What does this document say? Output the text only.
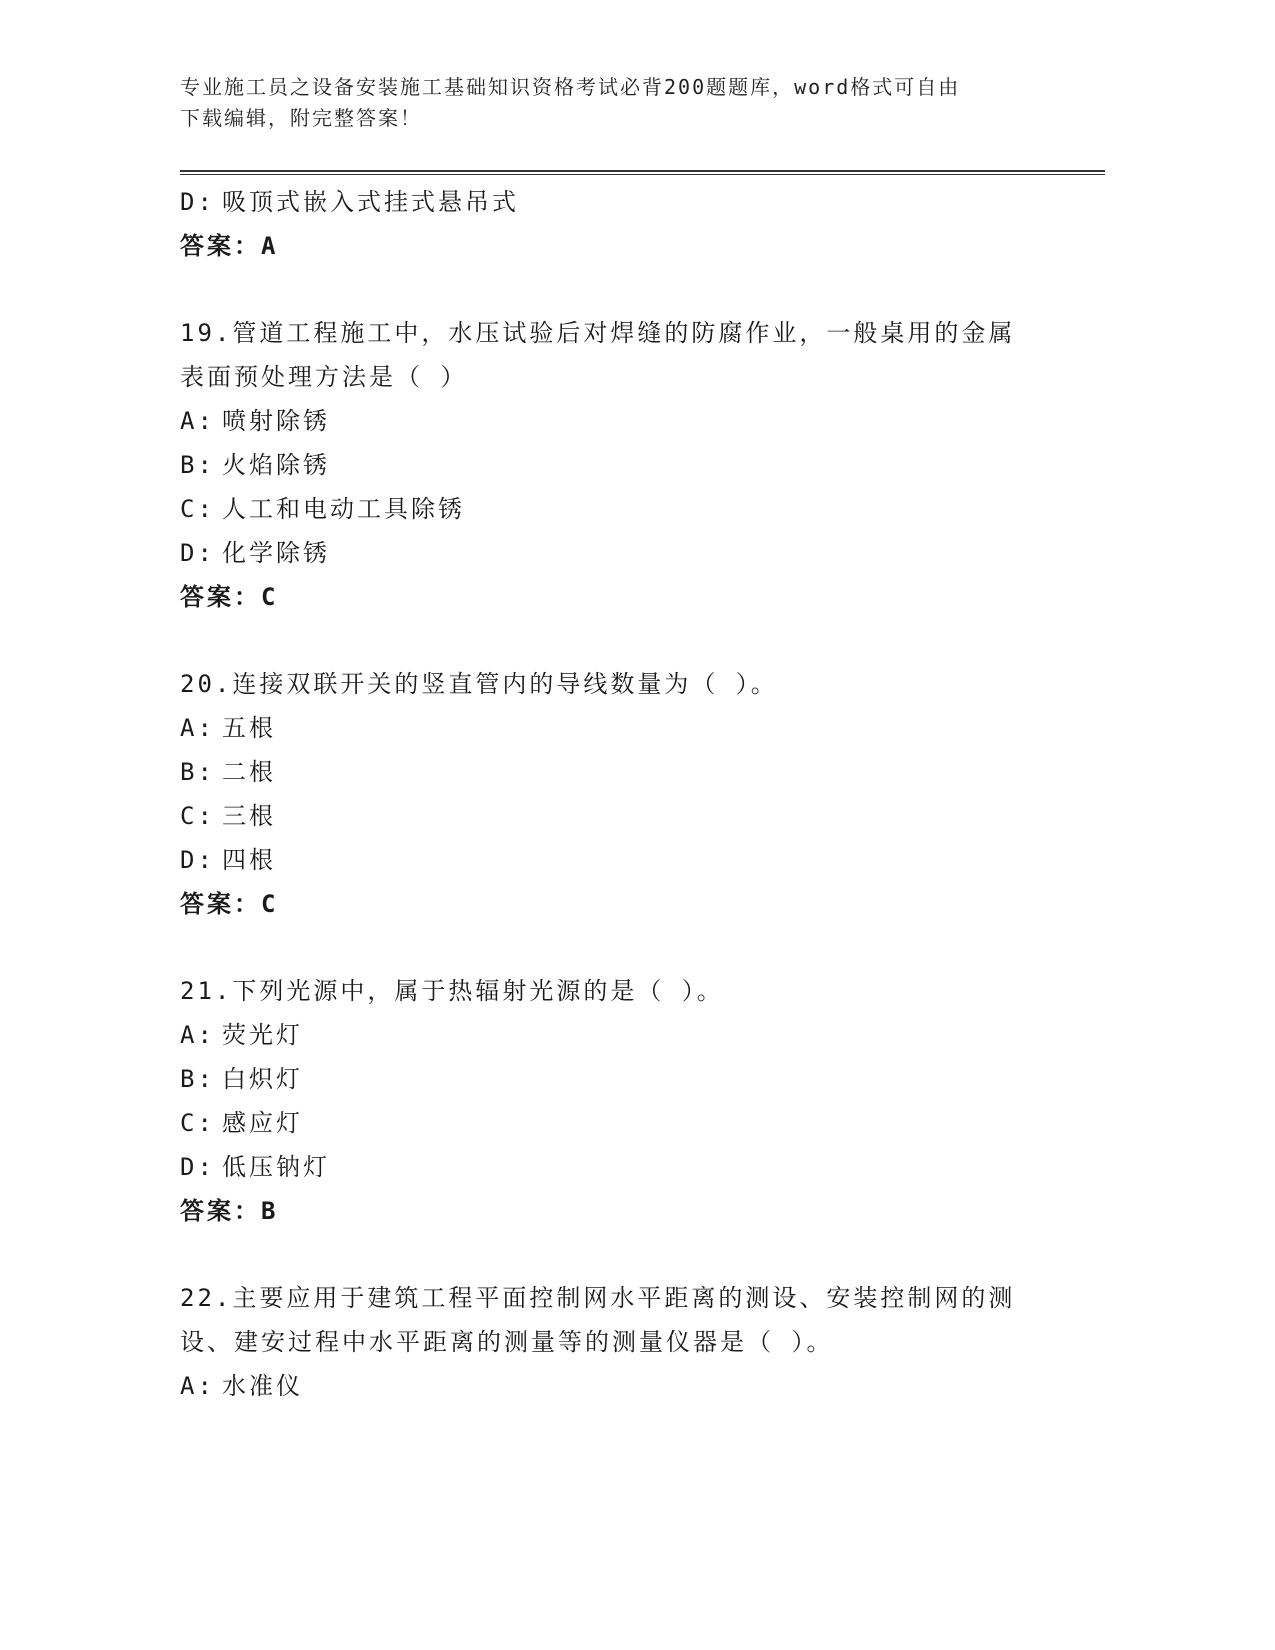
专业施工员之设备安装施工基础知识资格考试必背200题题库，word格式可自由
下载编辑，附完整答案！
D: 吸顶式嵌入式挂式悬吊式
答案：A
19.管道工程施工中，水压试验后对焊缝的防腐作业，一般桌用的金属
表面预处理方法是（ ）
A: 喷射除锈
B: 火焰除锈
C: 人工和电动工具除锈
D: 化学除锈
答案：C
20.连接双联开关的竖直管内的导线数量为（ ）。
A: 五根
B: 二根
C: 三根
D: 四根
答案：C
21.下列光源中，属于热辐射光源的是（ ）。
A: 荧光灯
B: 白炽灯
C: 感应灯
D: 低压钠灯
答案：B
22.主要应用于建筑工程平面控制网水平距离的测设、安装控制网的测
设、建安过程中水平距离的测量等的测量仪器是（ ）。
A: 水准仪
